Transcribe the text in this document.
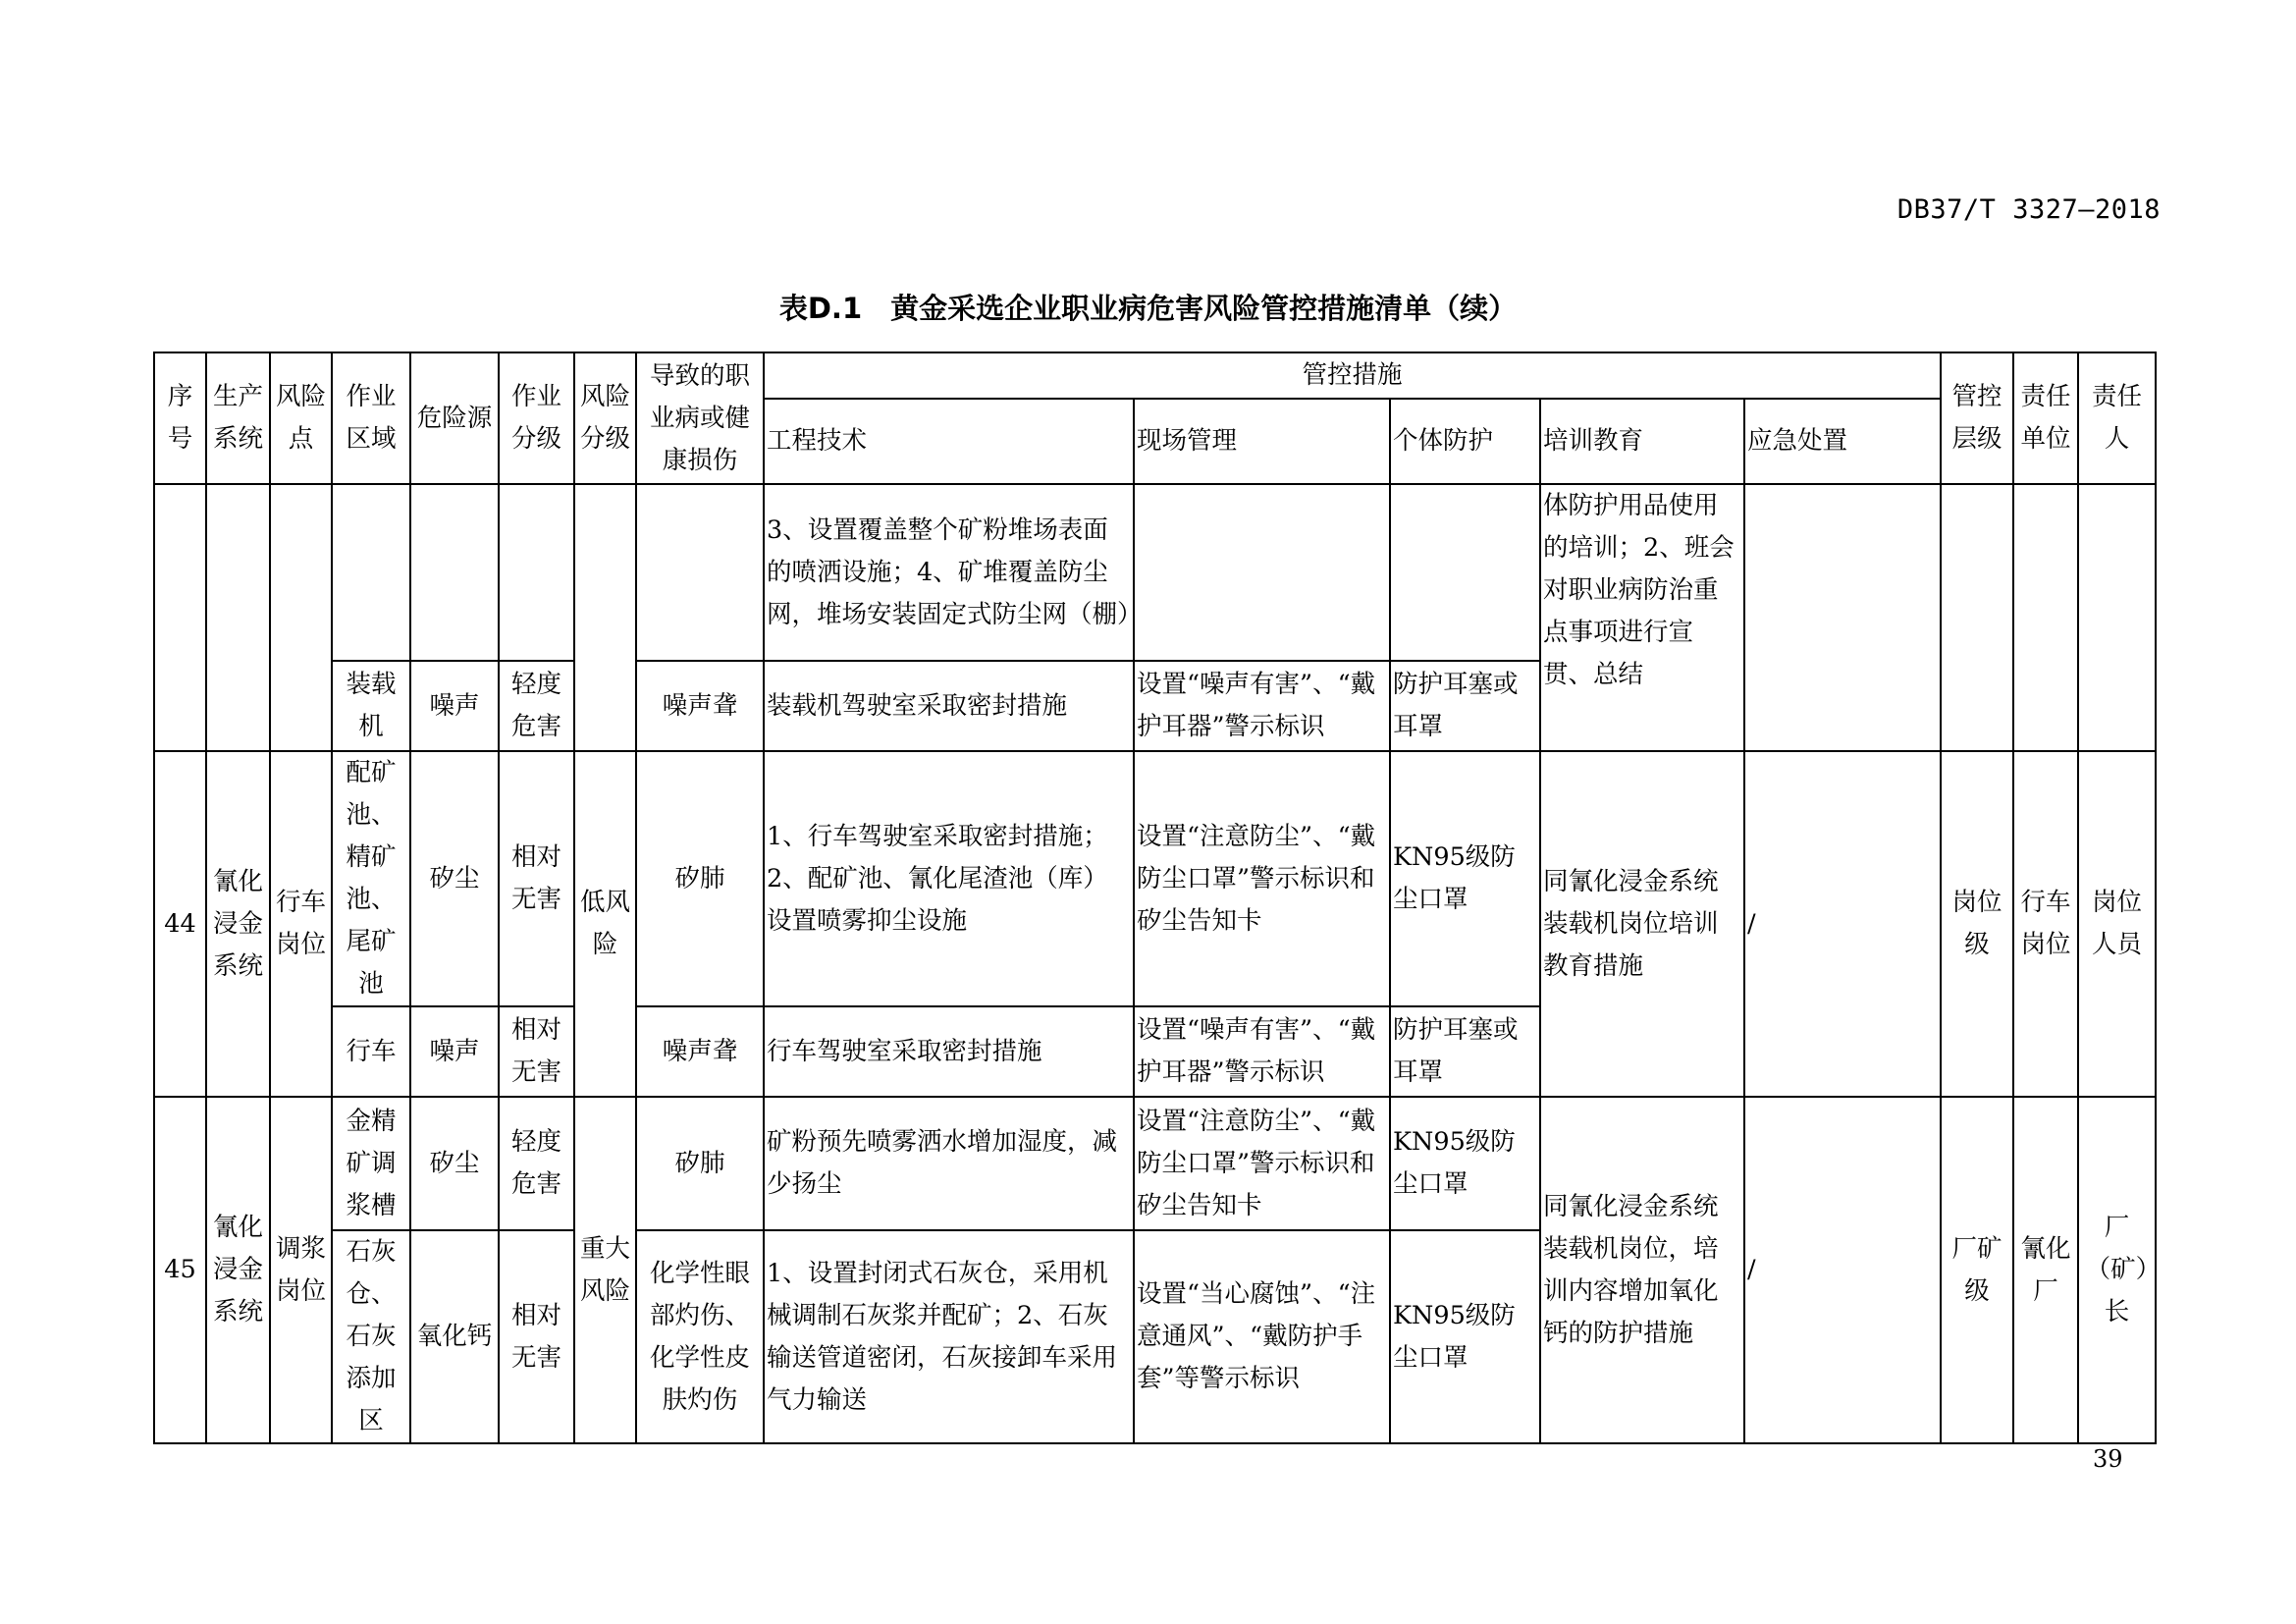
DB37/T 3327—2018
表D.1　黄金采选企业职业病危害风险管控措施清单（续）
序号	生产系统	风险点	作业区域	危险源	作业分级	风险分级	导致的职业病或健康损伤	管控措施					管控层级	责任单位	责任人
								工程技术	现场管理	个体防护	培训教育	应急处置			
								3、设置覆盖整个矿粉堆场表面的喷洒设施；4、矿堆覆盖防尘网，堆场安装固定式防尘网（棚）			体防护用品使用的培训；2、班会对职业病防治重点事项进行宣贯、总结				
			装载机	噪声	轻度危害		噪声聋	装载机驾驶室采取密封措施	设置“噪声有害”、“戴护耳器”警示标识	防护耳塞或耳罩					
44	氰化浸金系统	行车岗位	配矿池、精矿池、尾矿池	矽尘	相对无害	低风险	矽肺	1、行车驾驶室采取密封措施；2、配矿池、氰化尾渣池（库）设置喷雾抑尘设施	设置“注意防尘”、“戴防尘口罩”警示标识和矽尘告知卡	KN95级防尘口罩	同氰化浸金系统装载机岗位培训教育措施	/	岗位级	行车岗位	岗位人员
			行车	噪声	相对无害		噪声聋	行车驾驶室采取密封措施	设置“噪声有害”、“戴护耳器”警示标识	防护耳塞或耳罩					
45	氰化浸金系统	调浆岗位	金精矿调浆槽	矽尘	轻度危害	重大风险	矽肺	矿粉预先喷雾洒水增加湿度，减少扬尘	设置“注意防尘”、“戴防尘口罩”警示标识和矽尘告知卡	KN95级防尘口罩	同氰化浸金系统装载机岗位，培训内容增加氧化钙的防护措施	/	厂矿级	氰化厂	厂（矿）长
			石灰仓、石灰添加区	氧化钙	相对无害		化学性眼部灼伤、化学性皮肤灼伤	1、设置封闭式石灰仓，采用机械调制石灰浆并配矿；2、石灰输送管道密闭，石灰接卸车采用气力输送	设置“当心腐蚀”、“注意通风”、“戴防护手套”等警示标识	KN95级防尘口罩					
39
